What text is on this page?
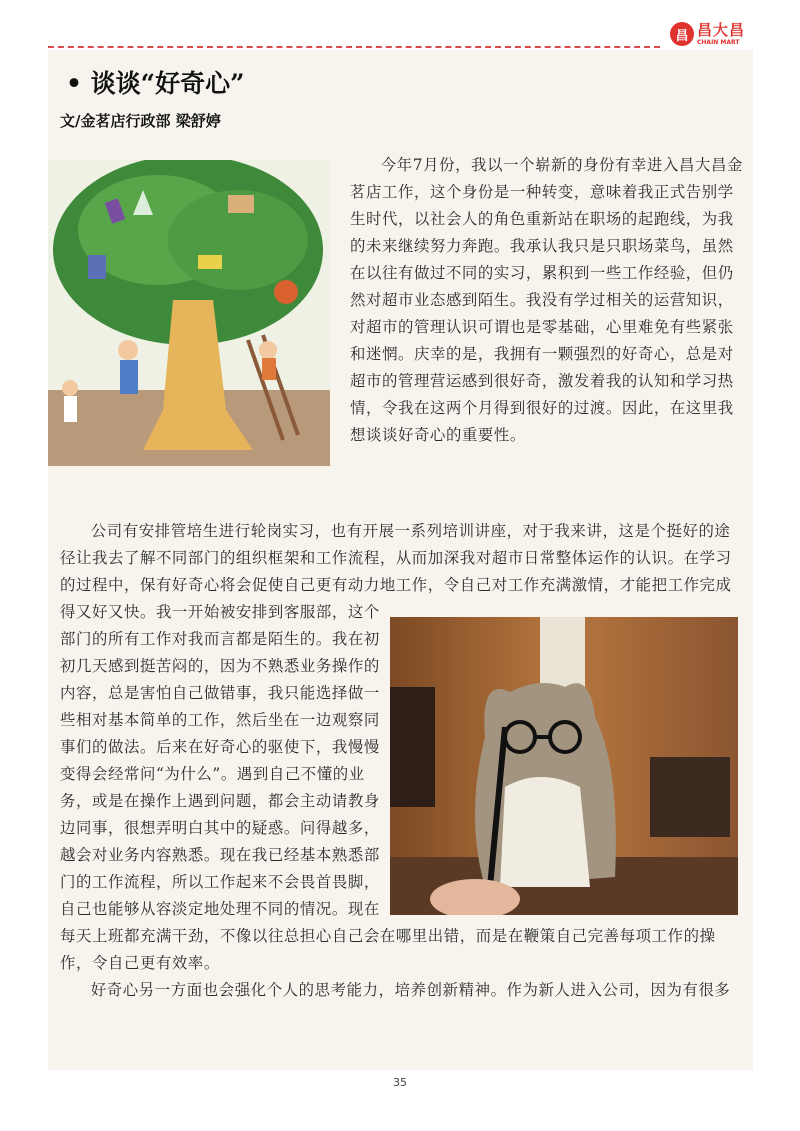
昌 昌大昌
CHAIN MART
• 谈谈“好奇心”
文/金茗店行政部 梁舒婷

今年7月份，我以一个崭新的身份有幸进入昌大昌金茗店工作，这个身份是一种转变，意味着我正式告别学生时代，以社会人的角色重新站在职场的起跑线，为我的未来继续努力奔跑。我承认我只是只职场菜鸟，虽然在以往有做过不同的实习，累积到一些工作经验，但仍然对超市业态感到陌生。我没有学过相关的运营知识，对超市的管理认识可谓也是零基础，心里难免有些紧张和迷惘。庆幸的是，我拥有一颗强烈的好奇心，总是对超市的管理营运感到很好奇，激发着我的认知和学习热情，令我在这两个月得到很好的过渡。因此，在这里我想谈谈好奇心的重要性。

公司有安排管培生进行轮岗实习，也有开展一系列培训讲座，对于我来讲，这是个挺好的途径让我去了解不同部门的组织框架和工作流程，从而加深我对超市日常整体运作的认识。在学习的过程中，保有好奇心将会促使自己更有动力地工作，令自己对工作充满激情，才能把工作完成得又好又快。我一开始被安排到客服部，这个部门的所有工作对我而言都是陌生的。我在初初几天感到挺苦闷的，因为不熟悉业务操作的内容，总是害怕自己做错事，我只能选择做一些相对基本简单的工作，然后坐在一边观察同事们的做法。后来在好奇心的驱使下，我慢慢变得会经常问“为什么”。遇到自己不懂的业务，或是在操作上遇到问题，都会主动请教身边同事，很想弄明白其中的疑惑。问得越多，越会对业务内容熟悉。现在我已经基本熟悉部门的工作流程，所以工作起来不会畏首畏脚，自己也能够从容淡定地处理不同的情况。现在每天上班都充满干劲，不像以往总担心自己会在哪里出错，而是在鞭策自己完善每项工作的操作，令自己更有效率。

好奇心另一方面也会强化个人的思考能力，培养创新精神。作为新人进入公司，因为有很多

35
